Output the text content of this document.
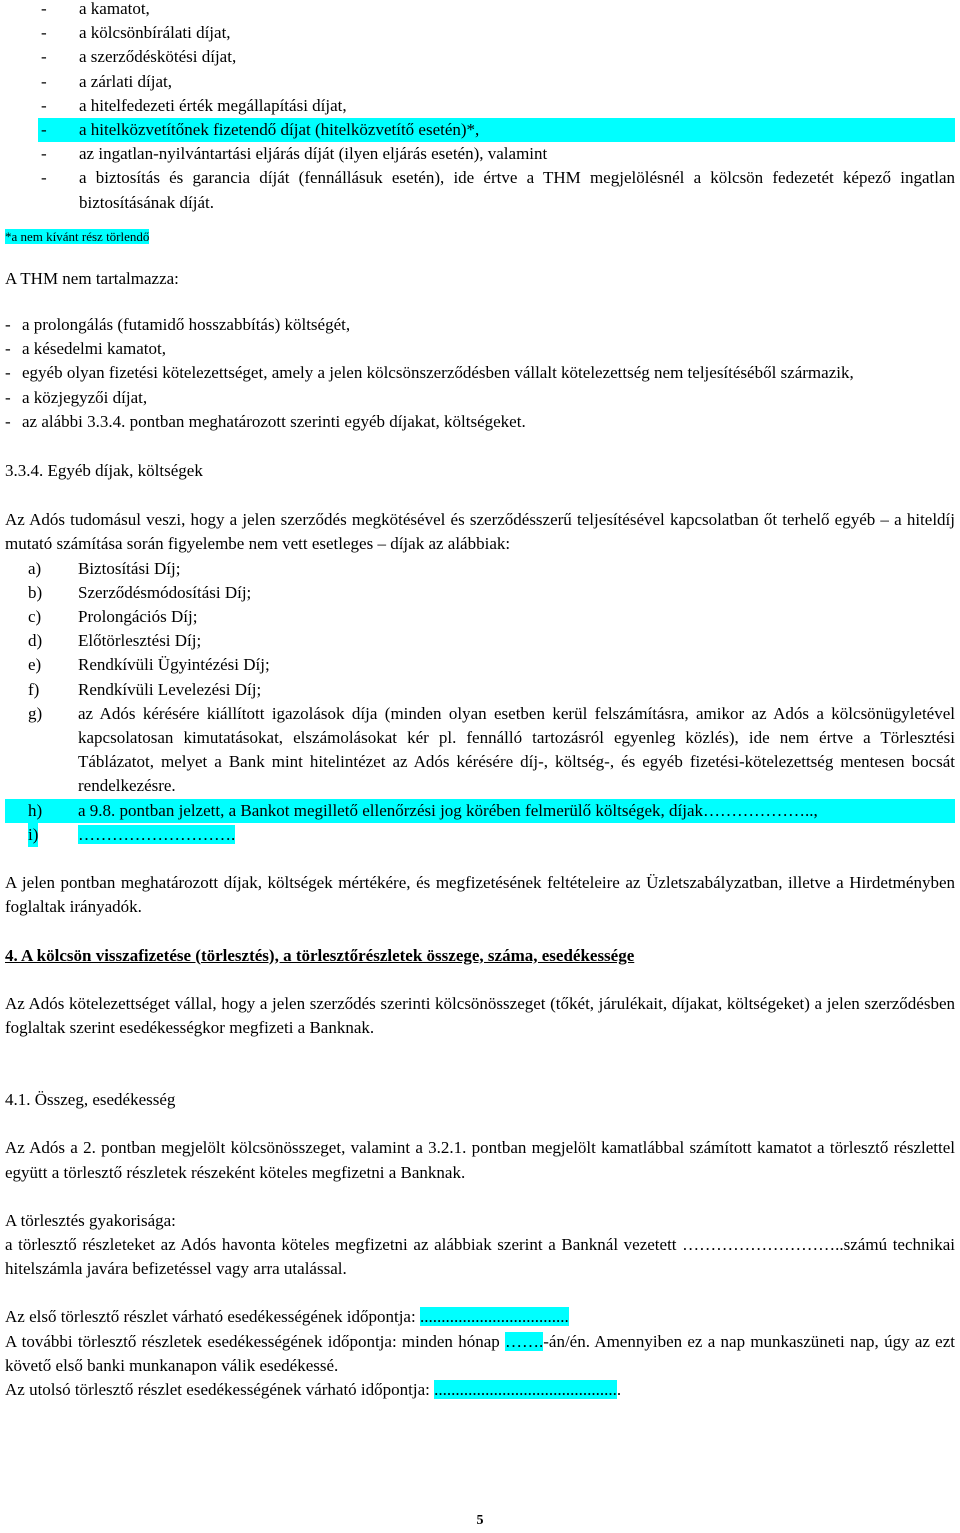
- a kamatot,
- a kölcsönbírálati díjat,
- a szerződéskötési díjat,
- a zárlati díjat,
- a hitelfedezeti érték megállapítási díjat,
- a hitelközvetítőnek fizetendő díjat (hitelközvetítő esetén)*,
- az ingatlan-nyilvántartási eljárás díját (ilyen eljárás esetén), valamint
- a biztosítás és garancia díját (fennállásuk esetén), ide értve a THM megjelölésnél a kölcsön fedezetét képező ingatlan biztosításának díját.
*a nem kívánt rész törlendő
A THM nem tartalmazza:
- a prolongálás (futamidő hosszabbítás) költségét,
- a késedelmi kamatot,
- egyéb olyan fizetési kötelezettséget, amely a jelen kölcsönszerződésben vállalt kötelezettség nem teljesítéséből származik,
- a közjegyzői díjat,
- az alábbi 3.3.4. pontban meghatározott szerinti egyéb díjakat, költségeket.
3.3.4. Egyéb díjak, költségek

Az Adós tudomásul veszi, hogy a jelen szerződés megkötésével és szerződésszerű teljesítésével kapcsolatban őt terhelő egyéb – a hiteldíj mutató számítása során figyelembe nem vett esetleges – díjak az alábbiak:

a) Biztosítási Díj;
b) Szerződésmódosítási Díj;
c) Prolongációs Díj;
d) Előtörlesztési Díj;
e) Rendkívüli Ügyintézési Díj;
f) Rendkívüli Levelezési Díj;
g) az Adós kérésére kiállított igazolások díja (minden olyan esetben kerül felszámításra, amikor az Adós a kölcsönügyletével kapcsolatosan kimutatásokat, elszámolásokat kér pl. fennálló tartozásról egyenleg közlés), ide nem értve a Törlesztési Táblázatot, melyet a Bank mint hitelintézet az Adós kérésére díj-, költség-, és egyéb fizetési-kötelezettség mentesen bocsát rendelkezésre.
h) a 9.8. pontban jelzett, a Bankot megillető ellenőrzési jog körében felmerülő költségek, díjak………………..,
i) ……………………….

A jelen pontban meghatározott díjak, költségek mértékére, és megfizetésének feltételeire az Üzletszabályzatban, illetve a Hirdetményben foglaltak irányadók.

4. A kölcsön visszafizetése (törlesztés), a törlesztőrészletek összege, száma, esedékessége

Az Adós kötelezettséget vállal, hogy a jelen szerződés szerinti kölcsönösszeget (tőkét, járulékait, díjakat, költségeket) a jelen szerződésben foglaltak szerint esedékességkor megfizeti a Banknak.

4.1. Összeg, esedékesség

Az Adós a 2. pontban megjelölt kölcsönösszeget, valamint a 3.2.1. pontban megjelölt kamatlábbal számított kamatot a törlesztő részlettel együtt a törlesztő részletek részeként köteles megfizetni a Banknak.

A törlesztés gyakorisága:

a törlesztő részleteket az Adós havonta köteles megfizetni az alábbiak szerint a Banknál vezetett ………………………..számú technikai hitelszámla javára befizetéssel vagy arra utalással.

Az első törlesztő részlet várható esedékességének időpontja: ...................................
A további törlesztő részletek esedékességének időpontja: minden hónap …….-án/én. Amennyiben ez a nap munkaszüneti nap, úgy az ezt követő első banki munkanapon válik esedékessé.
Az utolsó törlesztő részlet esedékességének várható időpontja: ............................................
5
